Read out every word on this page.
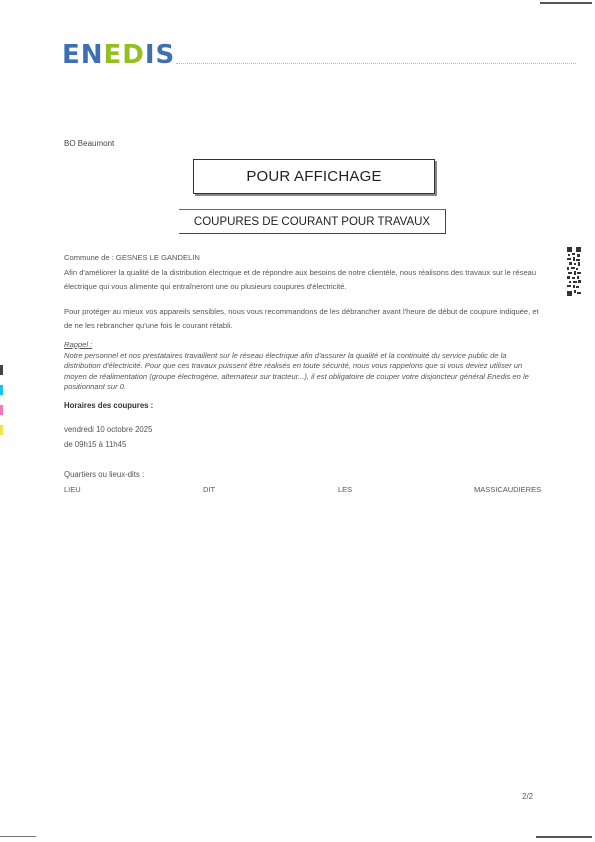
ENEDIS
BO Beaumont
POUR AFFICHAGE
COUPURES DE COURANT POUR TRAVAUX
Commune de : GESNES LE GANDELIN
Afin d'améliorer la qualité de la distribution électrique et de répondre aux besoins de notre clientèle, nous réalisons des travaux sur le réseau électrique qui vous alimente qui entraîneront une ou plusieurs coupures d'électricité.
Pour protéger au mieux vos appareils sensibles, nous vous recommandons de les débrancher avant l'heure de début de coupure indiquée, et de ne les rebrancher qu'une fois le courant rétabli.
Rappel :
Notre personnel et nos prestataires travaillent sur le réseau électrique afin d'assurer la qualité et la continuité du service public de la distribution d'électricité. Pour que ces travaux puissent être réalisés en toute sécurité, nous vous rappelons que si vous deviez utiliser un moyen de réalimentation (groupe électrogène, alternateur sur tracteur...), il est obligatoire de couper votre disjoncteur général Enedis en le positionnant sur 0.
Horaires des coupures :
vendredi 10 octobre 2025
de 09h15 à 11h45
Quartiers ou lieux-dits :
LIEU	DIT	LES	MASSICAUDIERES
2/2
